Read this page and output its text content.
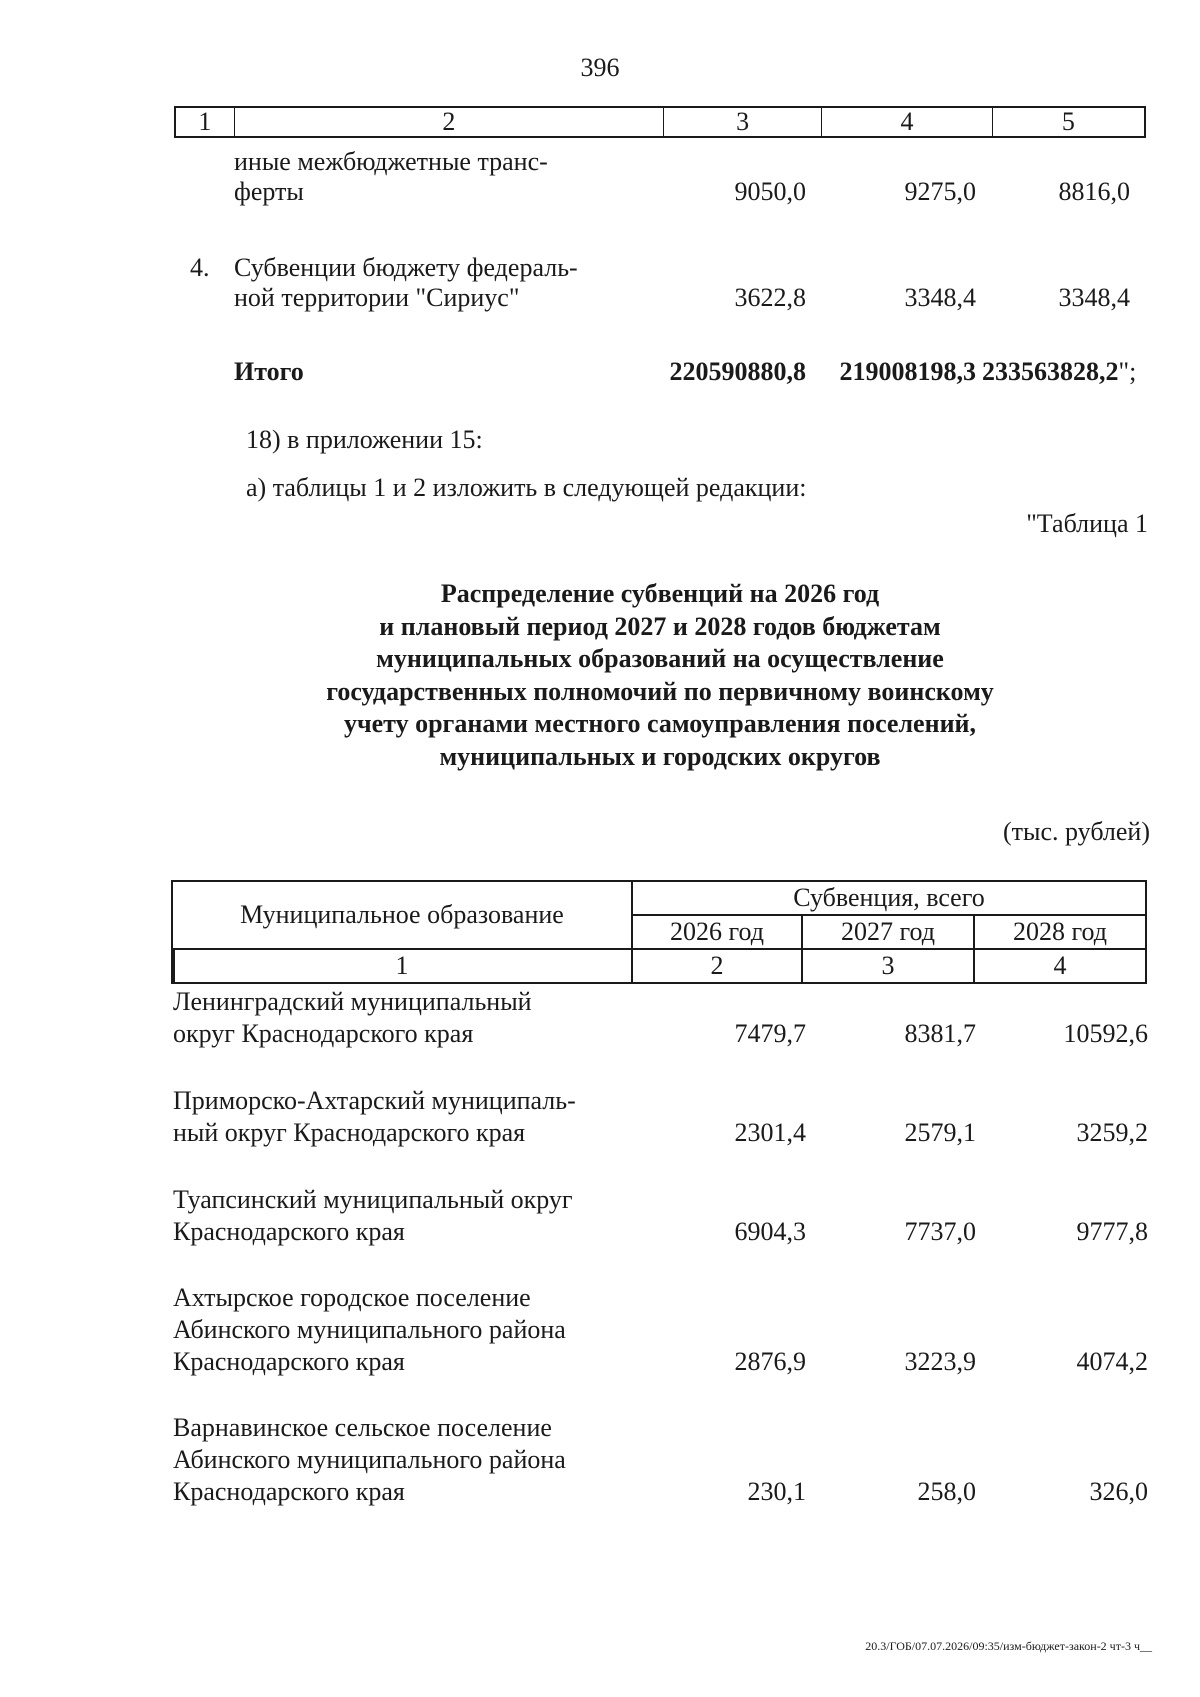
396
1	2	3	4	5
иные межбюджетные транс-
ферты	9050,0	9275,0	8816,0
4. Субвенции бюджету федераль-
ной территории "Сириус"	3622,8	3348,4	3348,4
Итого	220590880,8	219008198,3 233563828,2";
18) в приложении 15:
а) таблицы 1 и 2 изложить в следующей редакции:
"Таблица 1
Распределение субвенций на 2026 год
и плановый период 2027 и 2028 годов бюджетам
муниципальных образований на осуществление
государственных полномочий по первичному воинскому
учету органами местного самоуправления поселений,
муниципальных и городских округов
(тыс. рублей)
Муниципальное образование
Субвенция, всего
2026 год	2027 год	2028 год
1	2	3	4
Ленинградский муниципальный
округ Краснодарского края	7479,7	8381,7	10592,6
Приморско-Ахтарский муниципаль-
ный округ Краснодарского края	2301,4	2579,1	3259,2
Туапсинский муниципальный округ
Краснодарского края	6904,3	7737,0	9777,8
Ахтырское городское поселение
Абинского муниципального района
Краснодарского края	2876,9	3223,9	4074,2
Варнавинское сельское поселение
Абинского муниципального района
Краснодарского края	230,1	258,0	326,0
20.3/ГОБ/07.07.2026/09:35/изм-бюджет-закон-2 чт-3 ч__
